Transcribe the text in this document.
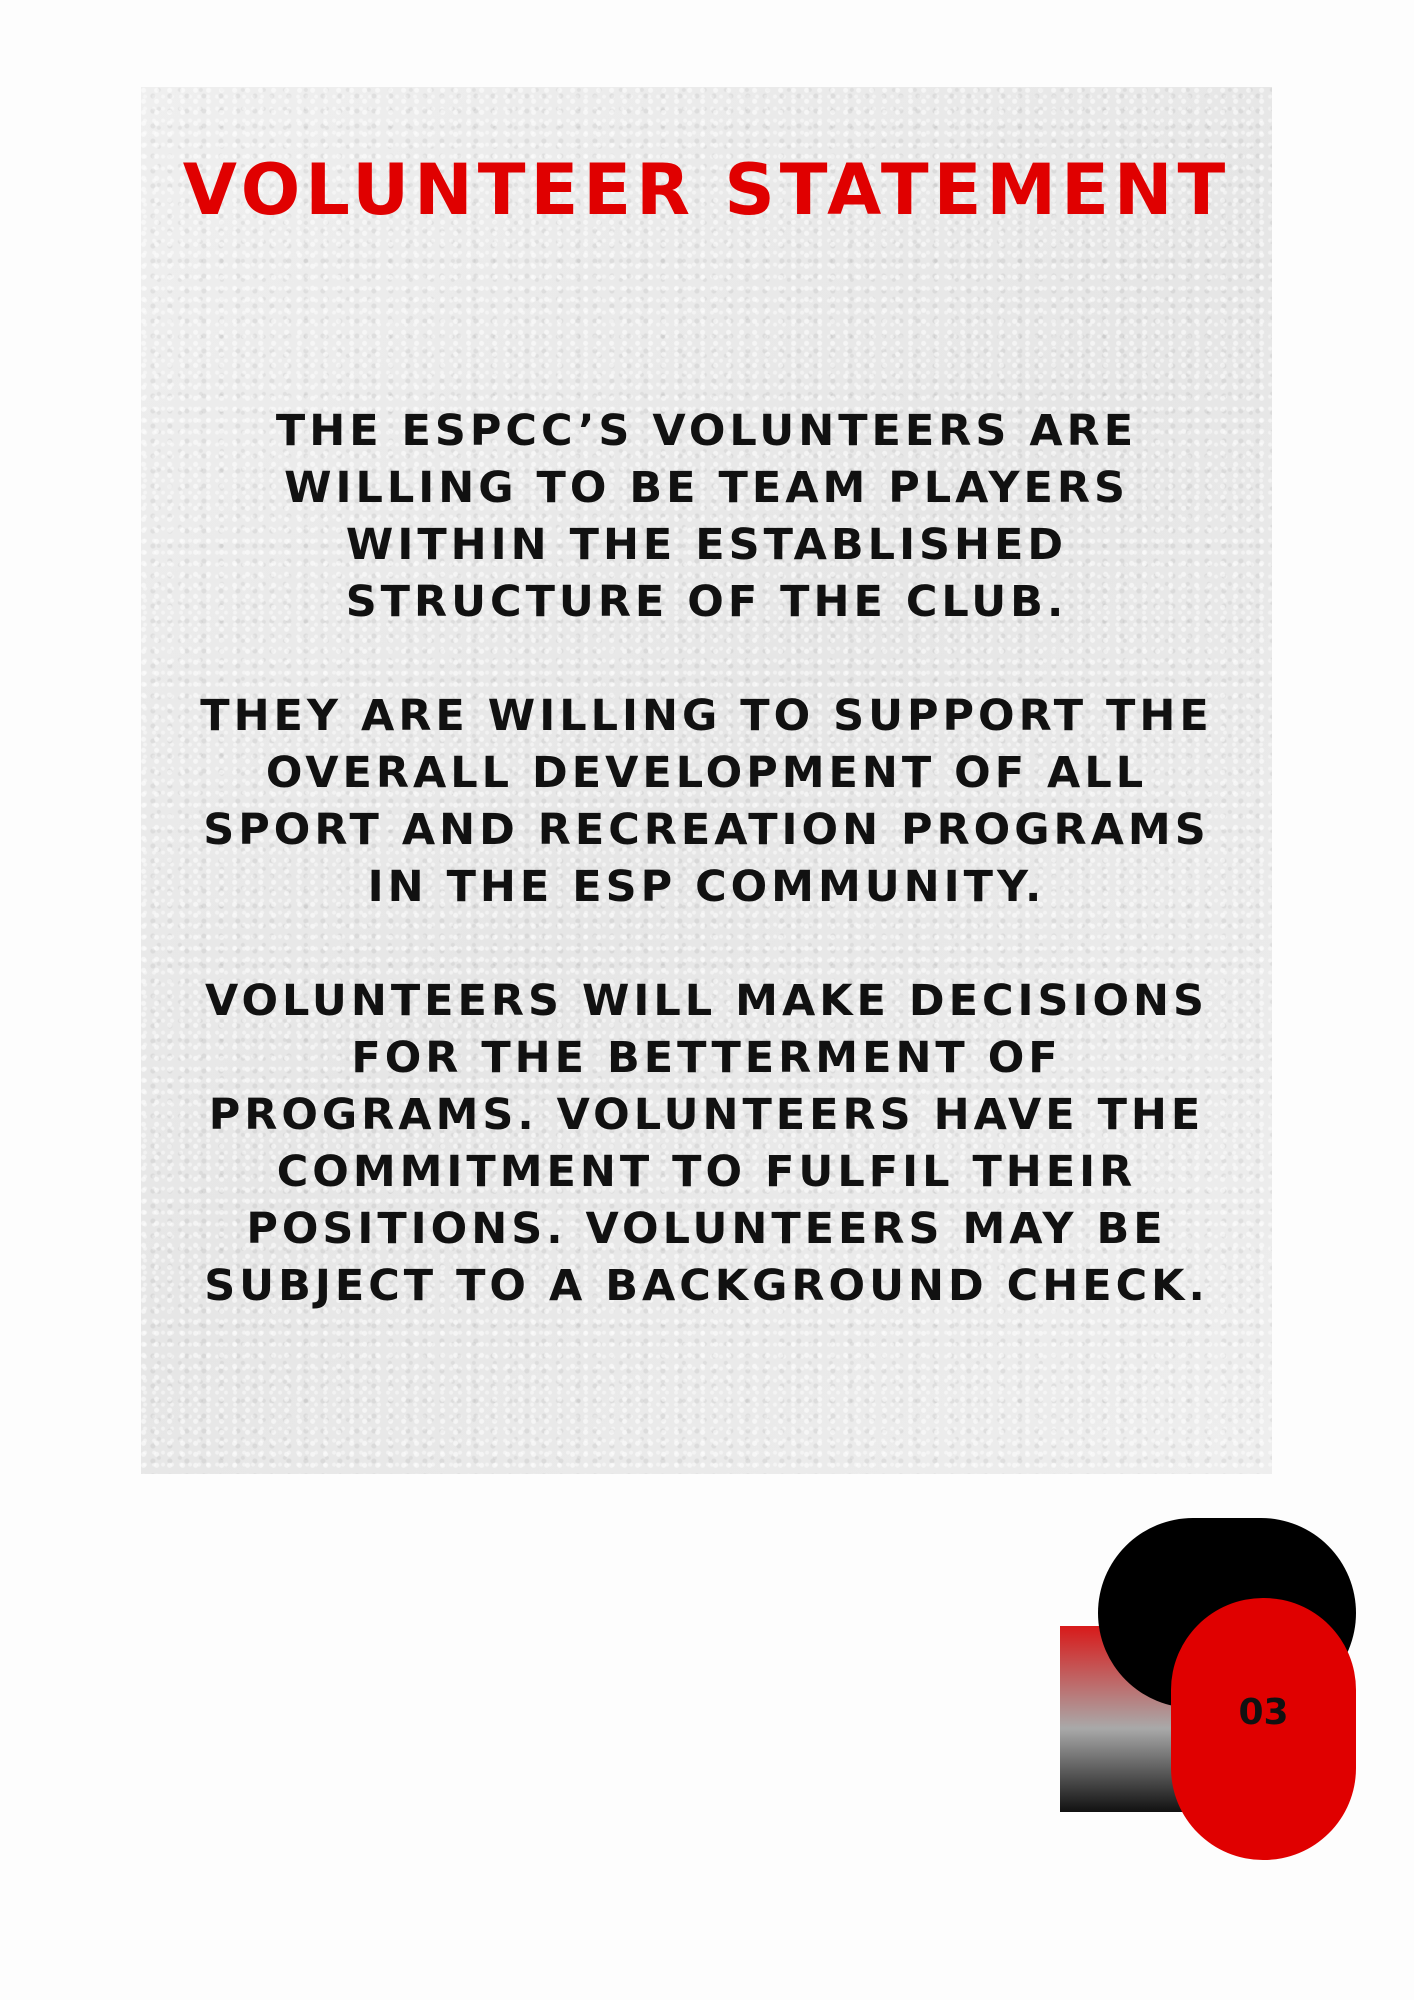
VOLUNTEER STATEMENT

THE ESPCC’S VOLUNTEERS ARE WILLING TO BE TEAM PLAYERS WITHIN THE ESTABLISHED STRUCTURE OF THE CLUB.

THEY ARE WILLING TO SUPPORT THE OVERALL DEVELOPMENT OF ALL SPORT AND RECREATION PROGRAMS IN THE ESP COMMUNITY.

VOLUNTEERS WILL MAKE DECISIONS FOR THE BETTERMENT OF PROGRAMS. VOLUNTEERS HAVE THE COMMITMENT TO FULFIL THEIR POSITIONS. VOLUNTEERS MAY BE SUBJECT TO A BACKGROUND CHECK.

03
